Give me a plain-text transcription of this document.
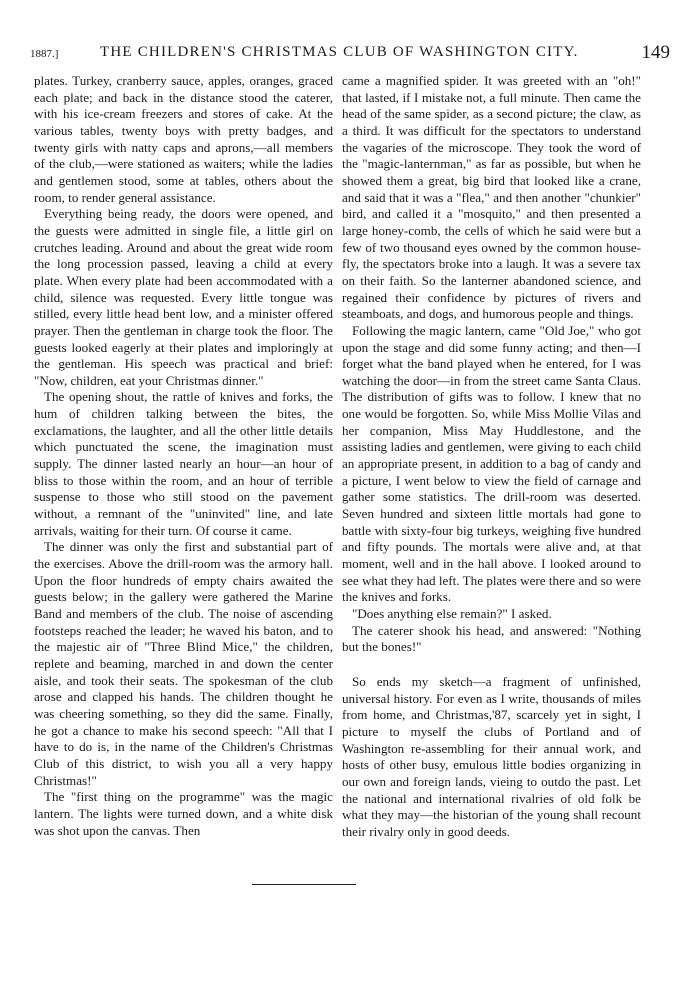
1887.]	THE CHILDREN'S CHRISTMAS CLUB OF WASHINGTON CITY.	149

plates. Turkey, cranberry sauce, apples, oranges, graced each plate; and back in the distance stood the caterer, with his ice-cream freezers and stores of cake. At the various tables, twenty boys with pretty badges, and twenty girls with natty caps and aprons,—all members of the club,—were stationed as waiters; while the ladies and gentlemen stood, some at tables, others about the room, to render general assistance.

Everything being ready, the doors were opened, and the guests were admitted in single file, a little girl on crutches leading. Around and about the great wide room the long procession passed, leaving a child at every plate. When every plate had been accommodated with a child, silence was requested. Every little tongue was stilled, every little head bent low, and a minister offered prayer. Then the gentleman in charge took the floor. The guests looked eagerly at their plates and imploringly at the gentleman. His speech was practical and brief: "Now, children, eat your Christmas dinner."

The opening shout, the rattle of knives and forks, the hum of children talking between the bites, the exclamations, the laughter, and all the other little details which punctuated the scene, the imagination must supply. The dinner lasted nearly an hour—an hour of bliss to those within the room, and an hour of terrible suspense to those who still stood on the pavement without, a remnant of the "uninvited" line, and late arrivals, waiting for their turn. Of course it came.

The dinner was only the first and substantial part of the exercises. Above the drill-room was the armory hall. Upon the floor hundreds of empty chairs awaited the guests below; in the gallery were gathered the Marine Band and members of the club. The noise of ascending footsteps reached the leader; he waved his baton, and to the majestic air of "Three Blind Mice," the children, replete and beaming, marched in and down the center aisle, and took their seats. The spokesman of the club arose and clapped his hands. The children thought he was cheering something, so they did the same. Finally, he got a chance to make his second speech: "All that I have to do is, in the name of the Children's Christmas Club of this district, to wish you all a very happy Christmas!"

The "first thing on the programme" was the magic lantern. The lights were turned down, and a white disk was shot upon the canvas. Then

came a magnified spider. It was greeted with an "oh!" that lasted, if I mistake not, a full minute. Then came the head of the same spider, as a second picture; the claw, as a third. It was difficult for the spectators to understand the vagaries of the microscope. They took the word of the "magic-lanternman," as far as possible, but when he showed them a great, big bird that looked like a crane, and said that it was a "flea," and then another "chunkier" bird, and called it a "mosquito," and then presented a large honey-comb, the cells of which he said were but a few of two thousand eyes owned by the common house-fly, the spectators broke into a laugh. It was a severe tax on their faith. So the lanterner abandoned science, and regained their confidence by pictures of rivers and steamboats, and dogs, and humorous people and things.

Following the magic lantern, came "Old Joe," who got upon the stage and did some funny acting; and then—I forget what the band played when he entered, for I was watching the door—in from the street came Santa Claus. The distribution of gifts was to follow. I knew that no one would be forgotten. So, while Miss Mollie Vilas and her companion, Miss May Huddlestone, and the assisting ladies and gentlemen, were giving to each child an appropriate present, in addition to a bag of candy and a picture, I went below to view the field of carnage and gather some statistics. The drill-room was deserted. Seven hundred and sixteen little mortals had gone to battle with sixty-four big turkeys, weighing five hundred and fifty pounds. The mortals were alive and, at that moment, well and in the hall above. I looked around to see what they had left. The plates were there and so were the knives and forks.

"Does anything else remain?" I asked.

The caterer shook his head, and answered: "Nothing but the bones!"

So ends my sketch—a fragment of unfinished, universal history. For even as I write, thousands of miles from home, and Christmas,'87, scarcely yet in sight, I picture to myself the clubs of Portland and of Washington re-assembling for their annual work, and hosts of other busy, emulous little bodies organizing in our own and foreign lands, vieing to outdo the past. Let the national and international rivalries of old folk be what they may—the historian of the young shall recount their rivalry only in good deeds.
